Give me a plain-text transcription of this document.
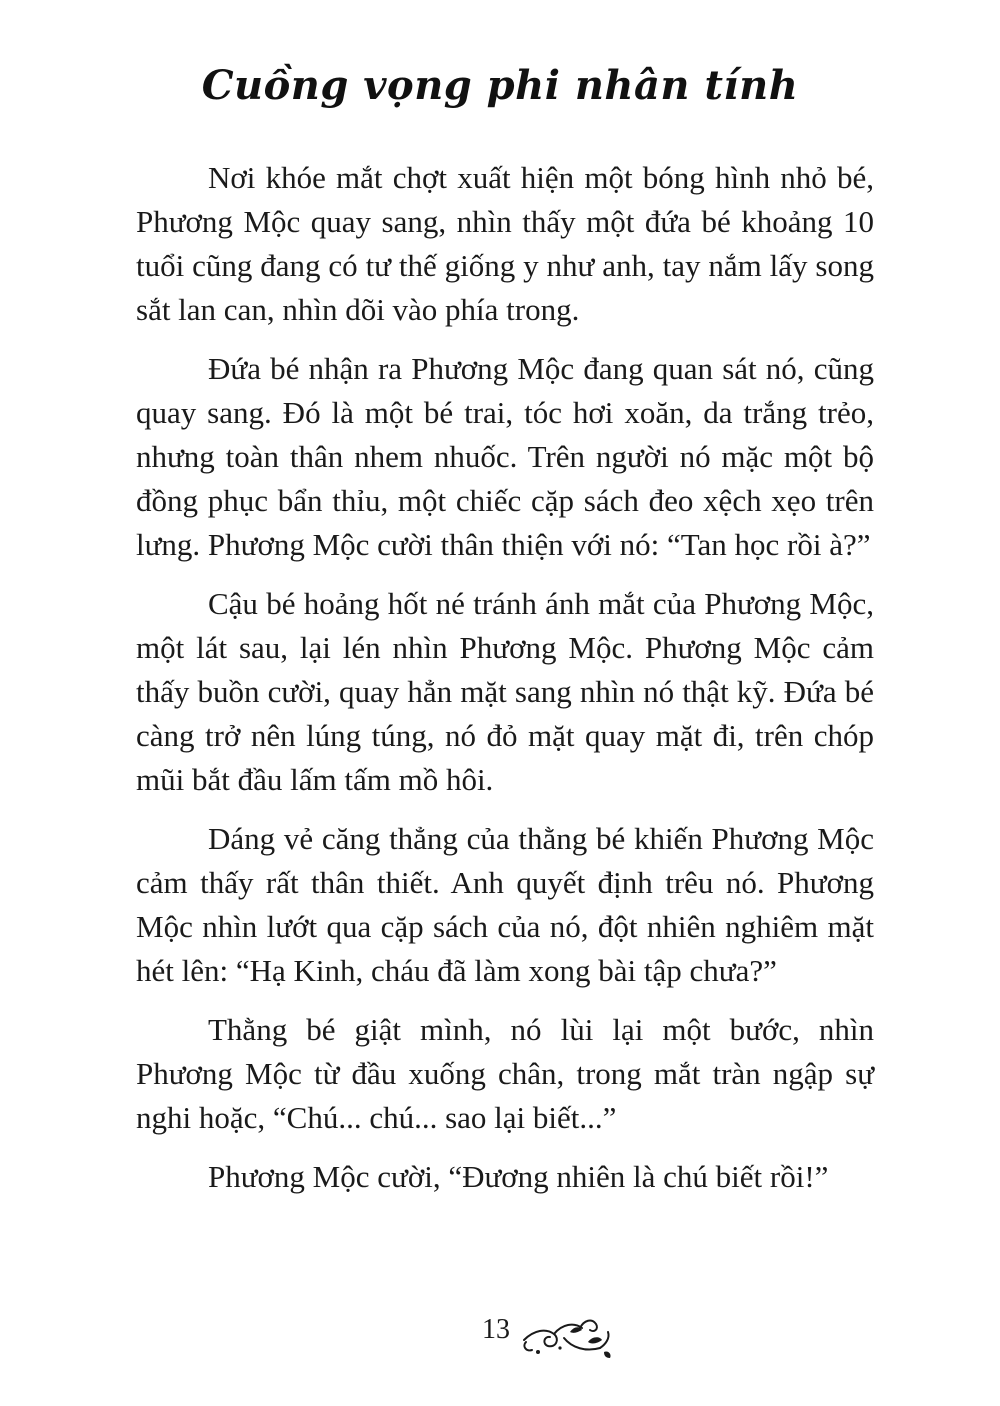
Cuồng vọng phi nhân tính

Nơi khóe mắt chợt xuất hiện một bóng hình nhỏ bé, Phương Mộc quay sang, nhìn thấy một đứa bé khoảng 10 tuổi cũng đang có tư thế giống y như anh, tay nắm lấy song sắt lan can, nhìn dõi vào phía trong.

Đứa bé nhận ra Phương Mộc đang quan sát nó, cũng quay sang. Đó là một bé trai, tóc hơi xoăn, da trắng trẻo, nhưng toàn thân nhem nhuốc. Trên người nó mặc một bộ đồng phục bẩn thỉu, một chiếc cặp sách đeo xệch xẹo trên lưng. Phương Mộc cười thân thiện với nó: “Tan học rồi à?”

Cậu bé hoảng hốt né tránh ánh mắt của Phương Mộc, một lát sau, lại lén nhìn Phương Mộc. Phương Mộc cảm thấy buồn cười, quay hẳn mặt sang nhìn nó thật kỹ. Đứa bé càng trở nên lúng túng, nó đỏ mặt quay mặt đi, trên chóp mũi bắt đầu lấm tấm mồ hôi.

Dáng vẻ căng thẳng của thằng bé khiến Phương Mộc cảm thấy rất thân thiết. Anh quyết định trêu nó. Phương Mộc nhìn lướt qua cặp sách của nó, đột nhiên nghiêm mặt hét lên: “Hạ Kinh, cháu đã làm xong bài tập chưa?”

Thằng bé giật mình, nó lùi lại một bước, nhìn Phương Mộc từ đầu xuống chân, trong mắt tràn ngập sự nghi hoặc, “Chú... chú... sao lại biết...”

Phương Mộc cười, “Đương nhiên là chú biết rồi!”

13
